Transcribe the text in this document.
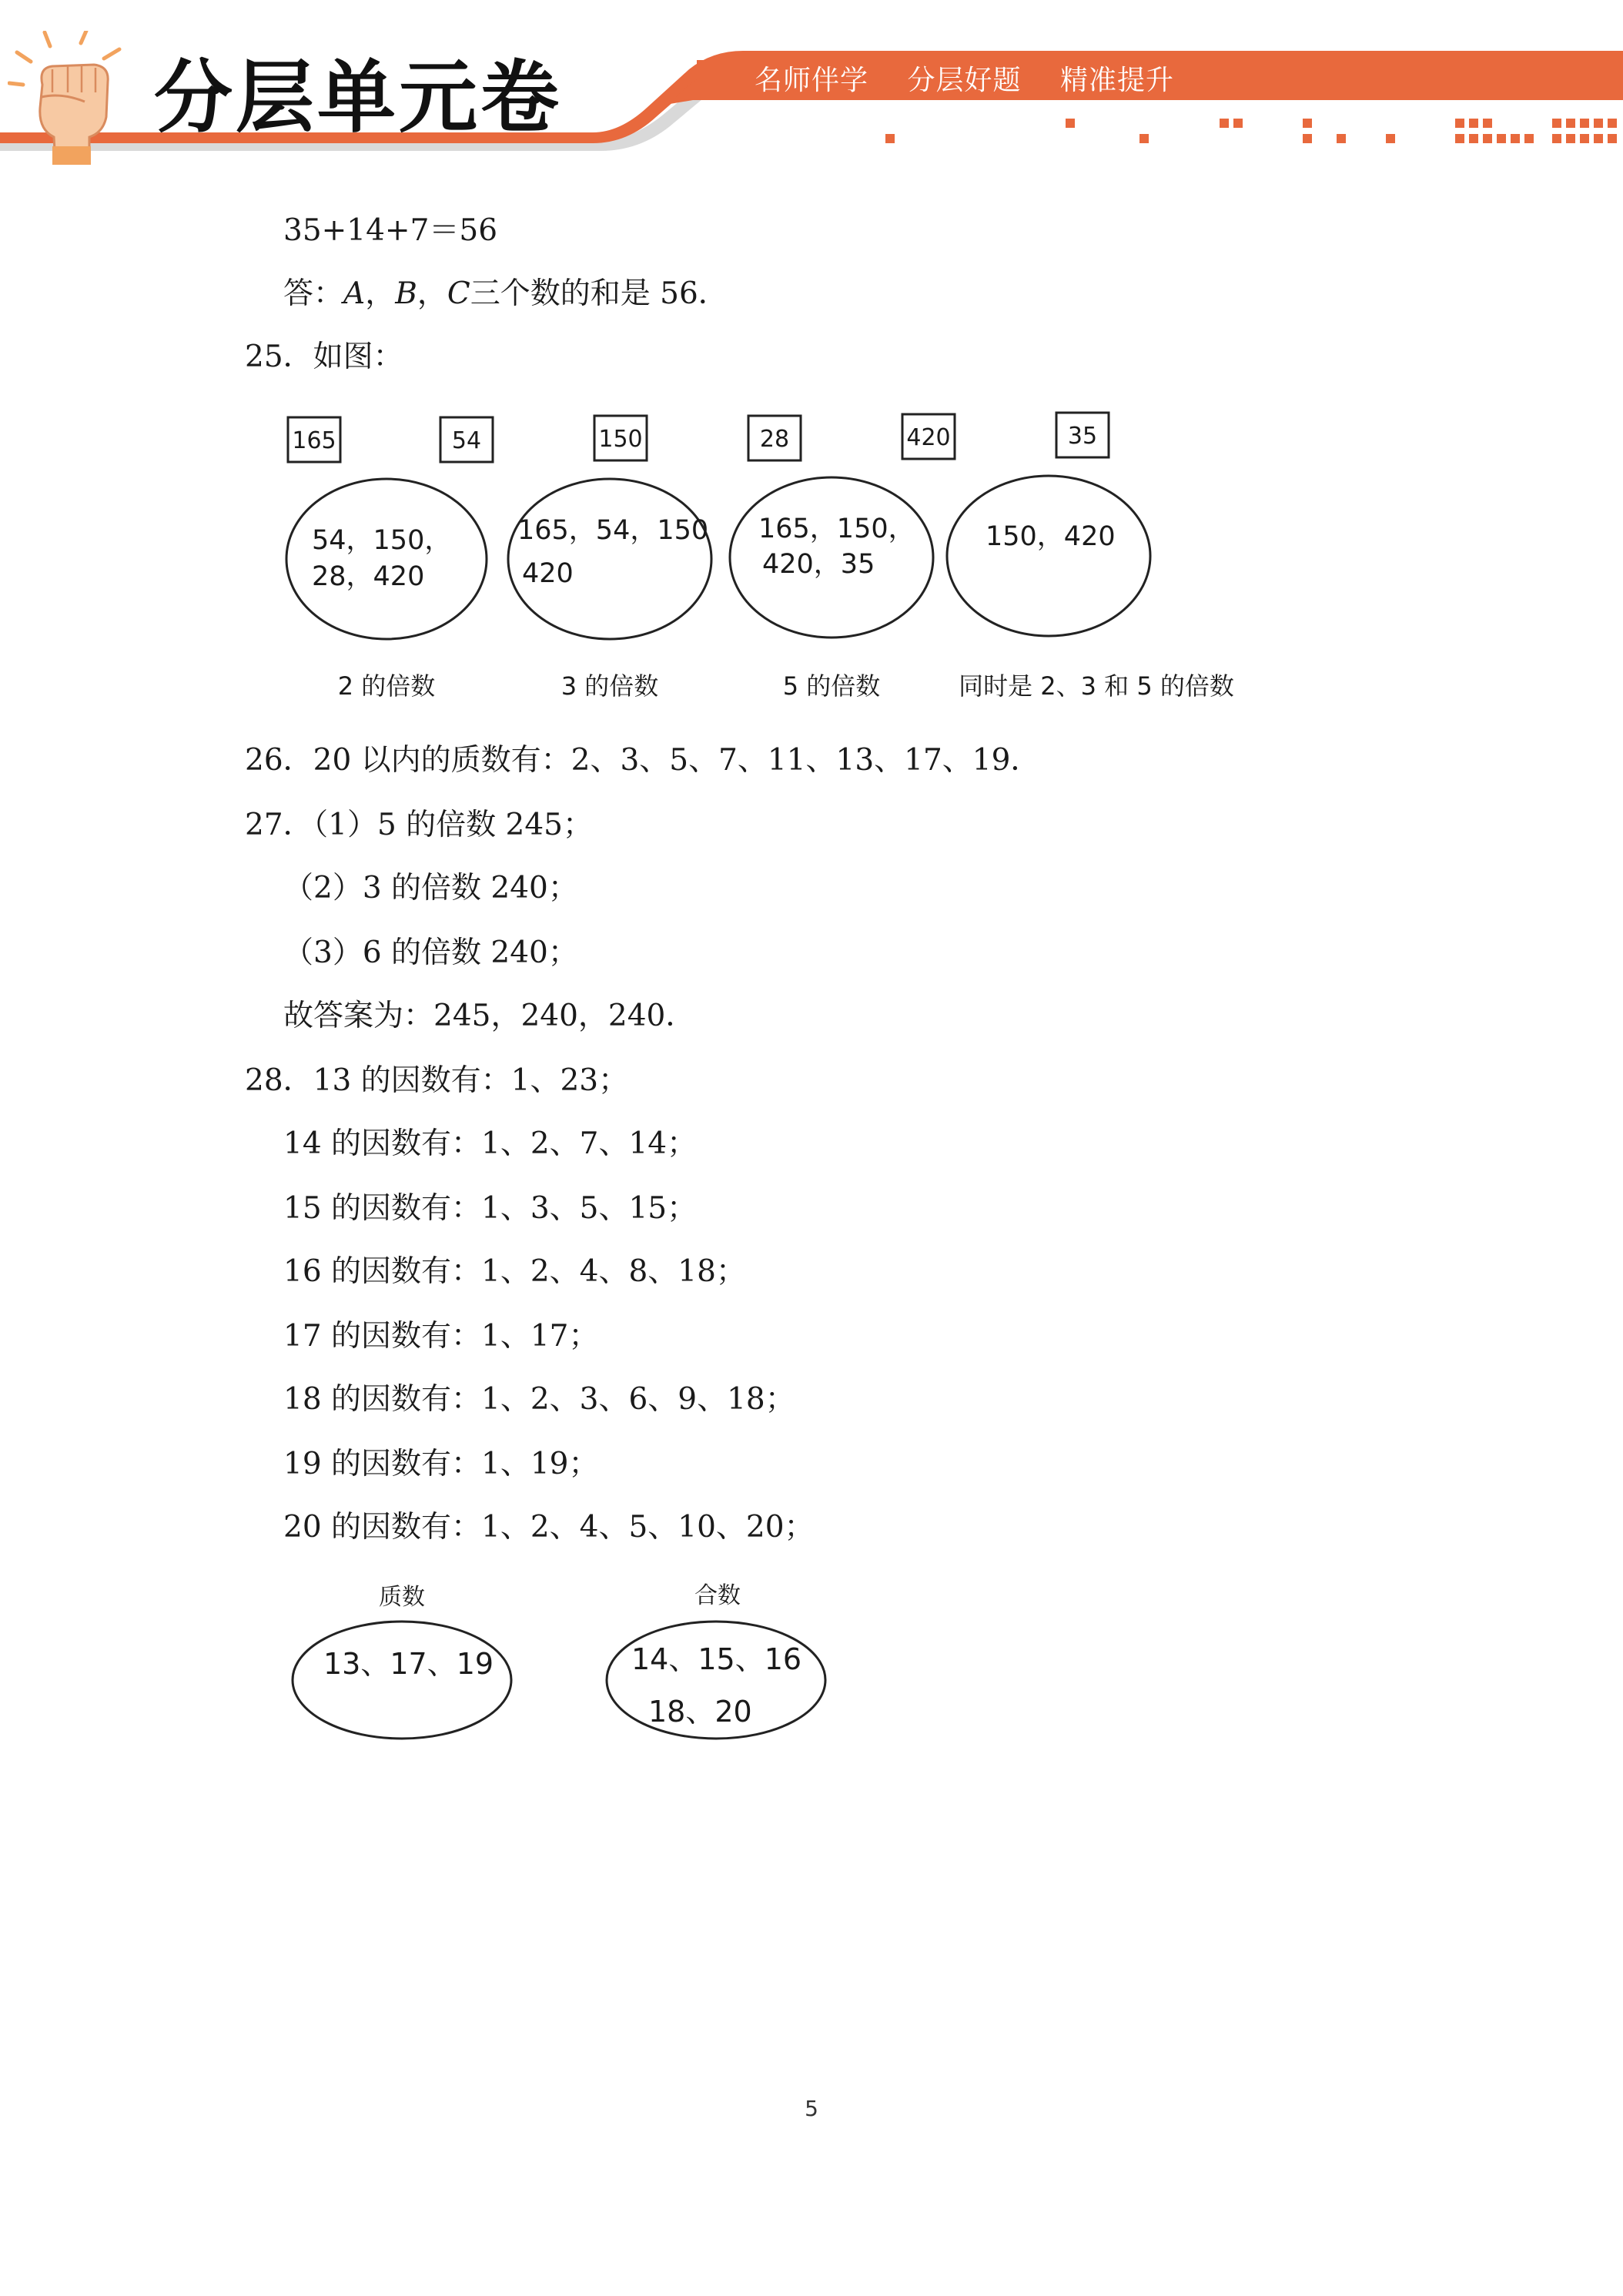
分层单元卷	名师伴学 分层好题 精准提升
35+14+7＝56
答：A，B，C三个数的和是 56．
25．如图：
165	54	150	28	420	35
54，150，
28，420
165，54，150
420
165，150，
420，35
150，420
2 的倍数	3 的倍数	5 的倍数	同时是 2、3 和 5 的倍数
26．20 以内的质数有：2、3、5、7、11、13、17、19．
27．（1）5 的倍数 245；
（2）3 的倍数 240；
（3）6 的倍数 240；
故答案为：245，240，240．
28．13 的因数有：1、23；
14 的因数有：1、2、7、14；
15 的因数有：1、3、5、15；
16 的因数有：1、2、4、8、18；
17 的因数有：1、17；
18 的因数有：1、2、3、6、9、18；
19 的因数有：1、19；
20 的因数有：1、2、4、5、10、20；
质数	合数
13、17、19	14、15、16
18、20
5
